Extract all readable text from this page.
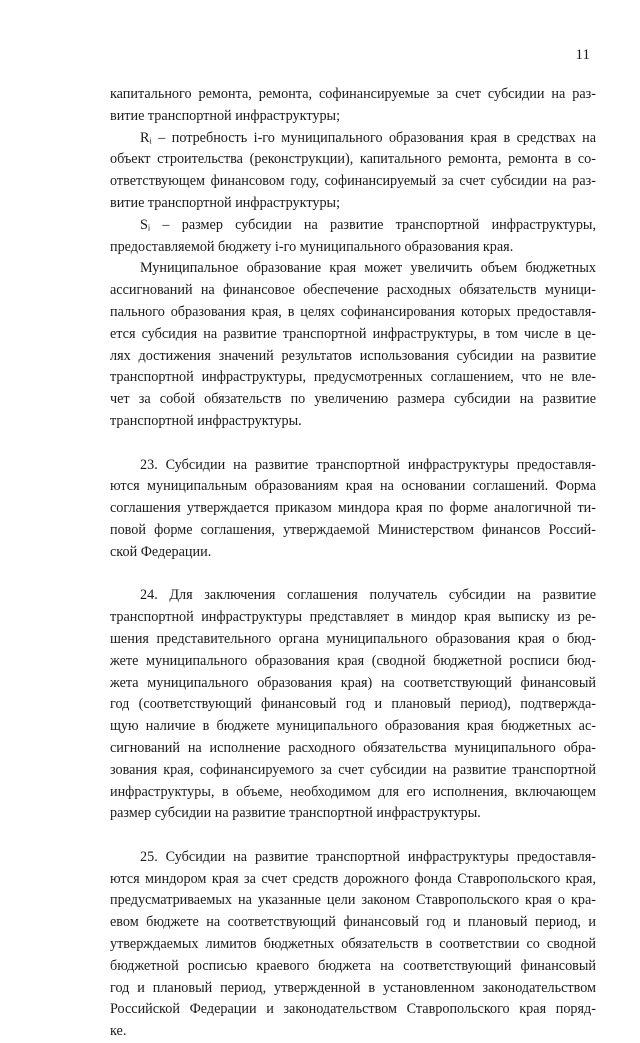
11
капитального ремонта, ремонта, софинансируемые за счет субсидии на раз-
витие транспортной инфраструктуры;
Rᵢ – потребность i-го муниципального образования края в средствах на
объект строительства (реконструкции), капитального ремонта, ремонта в со-
ответствующем финансовом году, софинансируемый за счет субсидии на раз-
витие транспортной инфраструктуры;
Sᵢ – размер субсидии на развитие транспортной инфраструктуры,
предоставляемой бюджету i-го муниципального образования края.
Муниципальное образование края может увеличить объем бюджетных
ассигнований на финансовое обеспечение расходных обязательств муници-
пального образования края, в целях софинансирования которых предоставля-
ется субсидия на развитие транспортной инфраструктуры, в том числе в це-
лях достижения значений результатов использования субсидии на развитие
транспортной инфраструктуры, предусмотренных соглашением, что не вле-
чет за собой обязательств по увеличению размера субсидии на развитие
транспортной инфраструктуры.
23. Субсидии на развитие транспортной инфраструктуры предоставля-
ются муниципальным образованиям края на основании соглашений. Форма
соглашения утверждается приказом миндора края по форме аналогичной ти-
повой форме соглашения, утверждаемой Министерством финансов Россий-
ской Федерации.
24. Для заключения соглашения получатель субсидии на развитие
транспортной инфраструктуры представляет в миндор края выписку из ре-
шения представительного органа муниципального образования края о бюд-
жете муниципального образования края (сводной бюджетной росписи бюд-
жета муниципального образования края) на соответствующий финансовый
год (соответствующий финансовый год и плановый период), подтвержда-
щую наличие в бюджете муниципального образования края бюджетных ас-
сигнований на исполнение расходного обязательства муниципального обра-
зования края, софинансируемого за счет субсидии на развитие транспортной
инфраструктуры, в объеме, необходимом для его исполнения, включающем
размер субсидии на развитие транспортной инфраструктуры.
25. Субсидии на развитие транспортной инфраструктуры предоставля-
ются миндором края за счет средств дорожного фонда Ставропольского края,
предусматриваемых на указанные цели законом Ставропольского края о кра-
евом бюджете на соответствующий финансовый год и плановый период, и
утверждаемых лимитов бюджетных обязательств в соответствии со сводной
бюджетной росписью краевого бюджета на соответствующий финансовый
год и плановый период, утвержденной в установленном законодательством
Российской Федерации и законодательством Ставропольского края поряд-
ке.
